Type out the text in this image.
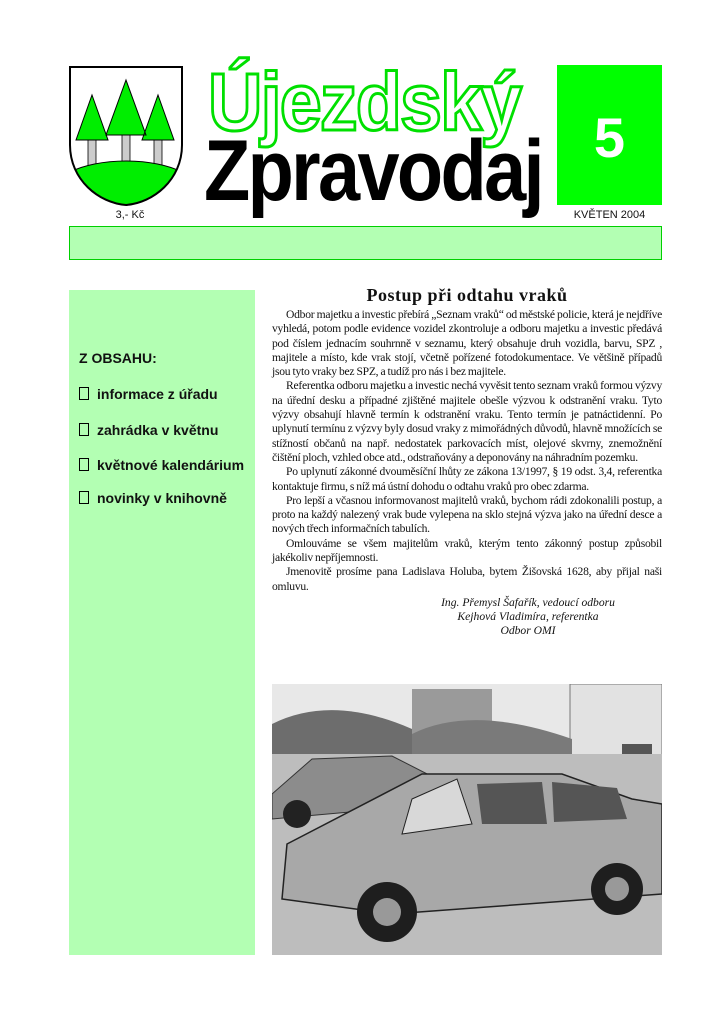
3,- Kč
Újezdský
Zpravodaj 5
KVĚTEN 2004
Z OBSAHU:
informace z úřadu
zahrádka v květnu
květnové kalendárium
novinky v knihovně
Postup při odtahu vraků

Odbor majetku a investic přebírá „Seznam vraků“ od městské policie, která je nejdříve vyhledá, potom podle evidence vozidel zkontroluje a odboru majetku a investic předává pod číslem jednacím souhrnně v seznamu, který obsahuje druh vozidla, barvu, SPZ , majitele a místo, kde vrak stojí, včetně pořízené fotodokumentace. Ve většině případů jsou tyto vraky bez SPZ, a tudíž pro nás i bez majitele.

Referentka odboru majetku a investic nechá vyvěsit tento seznam vraků formou výzvy na úřední desku a případné zjištěné majitele obešle výzvou k odstranění vraku. Tyto výzvy obsahují hlavně termín k odstranění vraku. Tento termín je patnáctidenní. Po uplynutí termínu z výzvy byly dosud vraky z mimořádných důvodů, hlavně množících se stížností občanů na např. nedostatek parkovacích míst, olejové skvrny, znemožnění čištění ploch, vzhled obce atd., odstraňovány a deponovány na náhradním pozemku.

Po uplynutí zákonné dvouměsíční lhůty ze zákona 13/1997, § 19 odst. 3,4, referentka kontaktuje firmu, s níž má ústní dohodu o odtahu vraků pro obec zdarma.

Pro lepší a včasnou informovanost majitelů vraků, bychom rádi zdokonalili postup, a proto na každý nalezený vrak bude vylepena na sklo stejná výzva jako na úřední desce a nových třech informačních tabulích.

Omlouváme se všem majitelům vraků, kterým tento zákonný postup způsobil jakékoliv nepříjemnosti.

Jmenovitě prosíme pana Ladislava Holuba, bytem Žišovská 1628, aby přijal naši omluvu.

Ing. Přemysl Šafařík, vedoucí odboru
Kejhová Vladimíra, referentka
Odbor OMI
